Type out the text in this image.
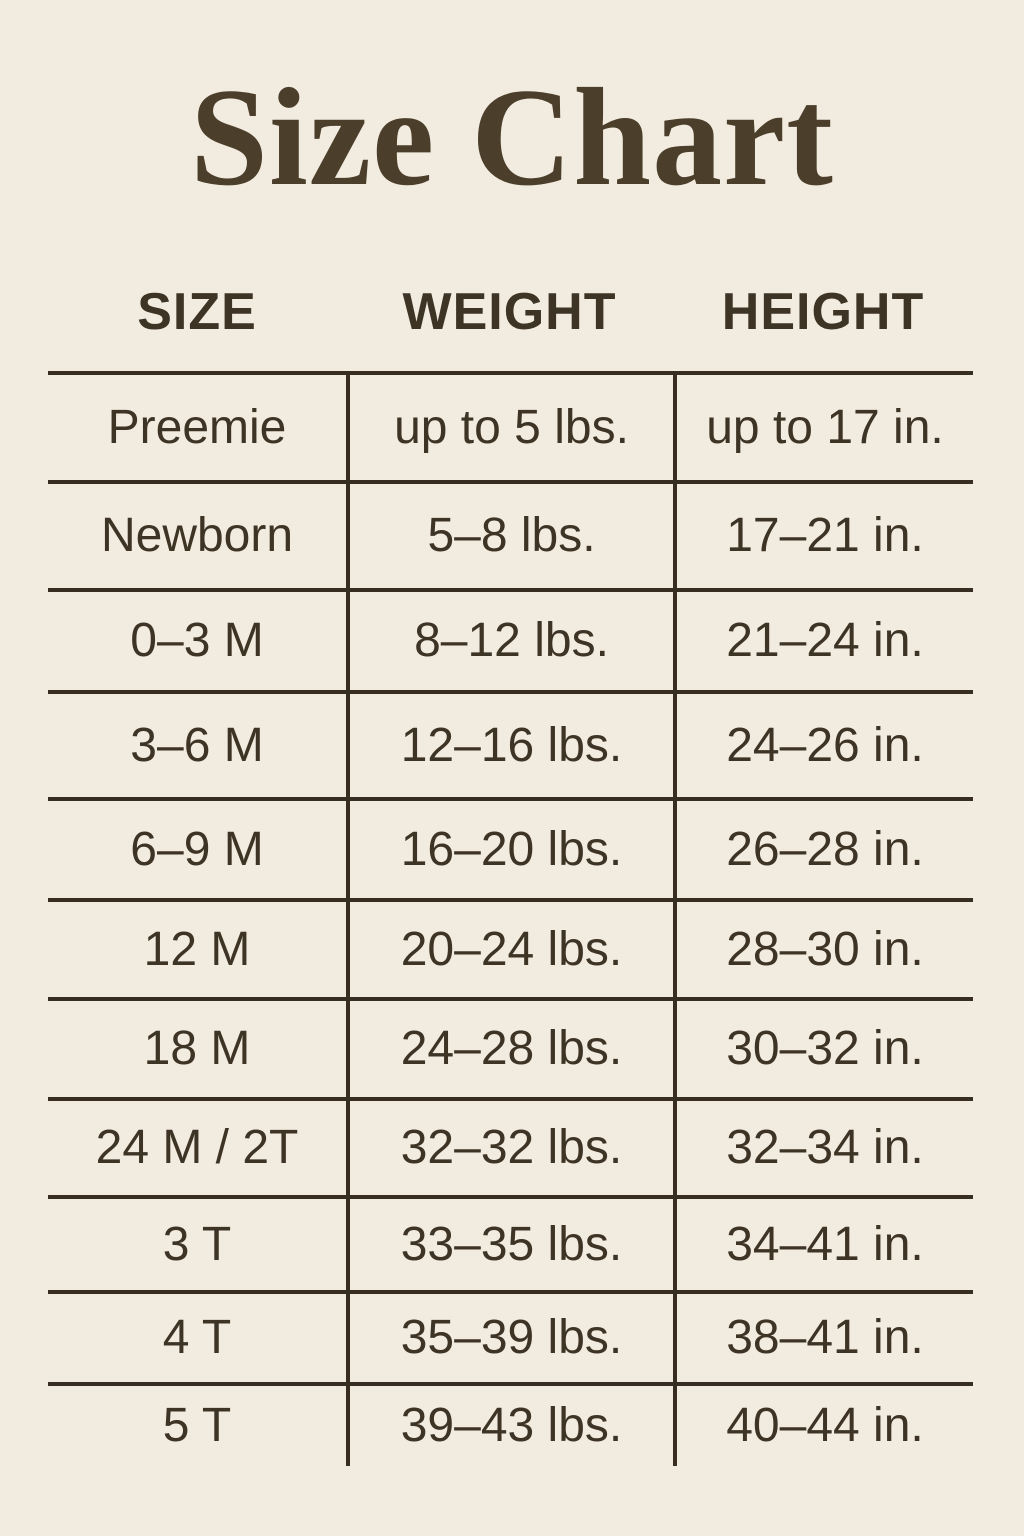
Size Chart
SIZE	WEIGHT	HEIGHT
Preemie	up to 5 lbs.	up to 17 in.
Newborn	5–8 lbs.	17–21 in.
0–3 M	8–12 lbs.	21–24 in.
3–6 M	12–16 lbs.	24–26 in.
6–9 M	16–20 lbs.	26–28 in.
12 M	20–24 lbs.	28–30 in.
18 M	24–28 lbs.	30–32 in.
24 M / 2T	32–32 lbs.	32–34 in.
3 T	33–35 lbs.	34–41 in.
4 T	35–39 lbs.	38–41 in.
5 T	39–43 lbs.	40–44 in.
